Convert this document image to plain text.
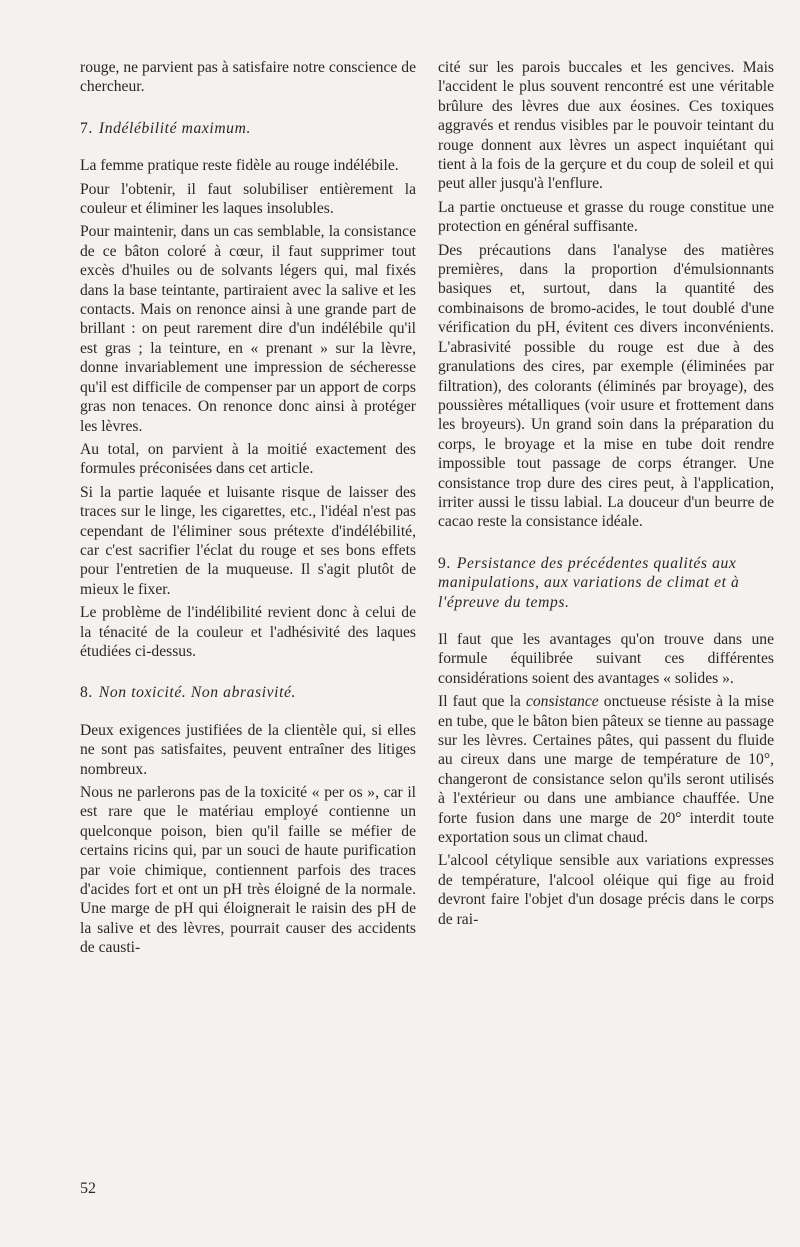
rouge, ne parvient pas à satisfaire notre conscience de chercheur.

7. Indélébilité maximum.

La femme pratique reste fidèle au rouge indélébile.

Pour l'obtenir, il faut solubiliser entièrement la couleur et éliminer les laques insolubles.

Pour maintenir, dans un cas semblable, la consistance de ce bâton coloré à cœur, il faut supprimer tout excès d'huiles ou de solvants légers qui, mal fixés dans la base teintante, partiraient avec la salive et les contacts. Mais on renonce ainsi à une grande part de brillant : on peut rarement dire d'un indélébile qu'il est gras ; la teinture, en « prenant » sur la lèvre, donne invariablement une impression de sécheresse qu'il est difficile de compenser par un apport de corps gras non tenaces. On renonce donc ainsi à protéger les lèvres.

Au total, on parvient à la moitié exactement des formules préconisées dans cet article.

Si la partie laquée et luisante risque de laisser des traces sur le linge, les cigarettes, etc., l'idéal n'est pas cependant de l'éliminer sous prétexte d'indélébilité, car c'est sacrifier l'éclat du rouge et ses bons effets pour l'entretien de la muqueuse. Il s'agit plutôt de mieux le fixer.

Le problème de l'indélibilité revient donc à celui de la ténacité de la couleur et l'adhésivité des laques étudiées ci-dessus.

8. Non toxicité. Non abrasivité.

Deux exigences justifiées de la clientèle qui, si elles ne sont pas satisfaites, peuvent entraîner des litiges nombreux.

Nous ne parlerons pas de la toxicité « per os », car il est rare que le matériau employé contienne un quelconque poison, bien qu'il faille se méfier de certains ricins qui, par un souci de haute purification par voie chimique, contiennent parfois des traces d'acides fort et ont un pH très éloigné de la normale. Une marge de pH qui éloignerait le raisin des pH de la salive et des lèvres, pourrait causer des accidents de causti-

cité sur les parois buccales et les gencives. Mais l'accident le plus souvent rencontré est une véritable brûlure des lèvres due aux éosines. Ces toxiques aggravés et rendus visibles par le pouvoir teintant du rouge donnent aux lèvres un aspect inquiétant qui tient à la fois de la gerçure et du coup de soleil et qui peut aller jusqu'à l'enflure.

La partie onctueuse et grasse du rouge constitue une protection en général suffisante.

Des précautions dans l'analyse des matières premières, dans la proportion d'émulsionnants basiques et, surtout, dans la quantité des combinaisons de bromo-acides, le tout doublé d'une vérification du pH, évitent ces divers inconvénients. L'abrasivité possible du rouge est due à des granulations des cires, par exemple (éliminées par filtration), des colorants (éliminés par broyage), des poussières métalliques (voir usure et frottement dans les broyeurs). Un grand soin dans la préparation du corps, le broyage et la mise en tube doit rendre impossible tout passage de corps étranger. Une consistance trop dure des cires peut, à l'application, irriter aussi le tissu labial. La douceur d'un beurre de cacao reste la consistance idéale.

9. Persistance des précédentes qualités aux manipulations, aux variations de climat et à l'épreuve du temps.

Il faut que les avantages qu'on trouve dans une formule équilibrée suivant ces différentes considérations soient des avantages « solides ».

Il faut que la consistance onctueuse résiste à la mise en tube, que le bâton bien pâteux se tienne au passage sur les lèvres. Certaines pâtes, qui passent du fluide au cireux dans une marge de température de 10°, changeront de consistance selon qu'ils seront utilisés à l'extérieur ou dans une ambiance chauffée. Une forte fusion dans une marge de 20° interdit toute exportation sous un climat chaud.

L'alcool cétylique sensible aux variations expresses de température, l'alcool oléique qui fige au froid devront faire l'objet d'un dosage précis dans le corps de rai-

52
